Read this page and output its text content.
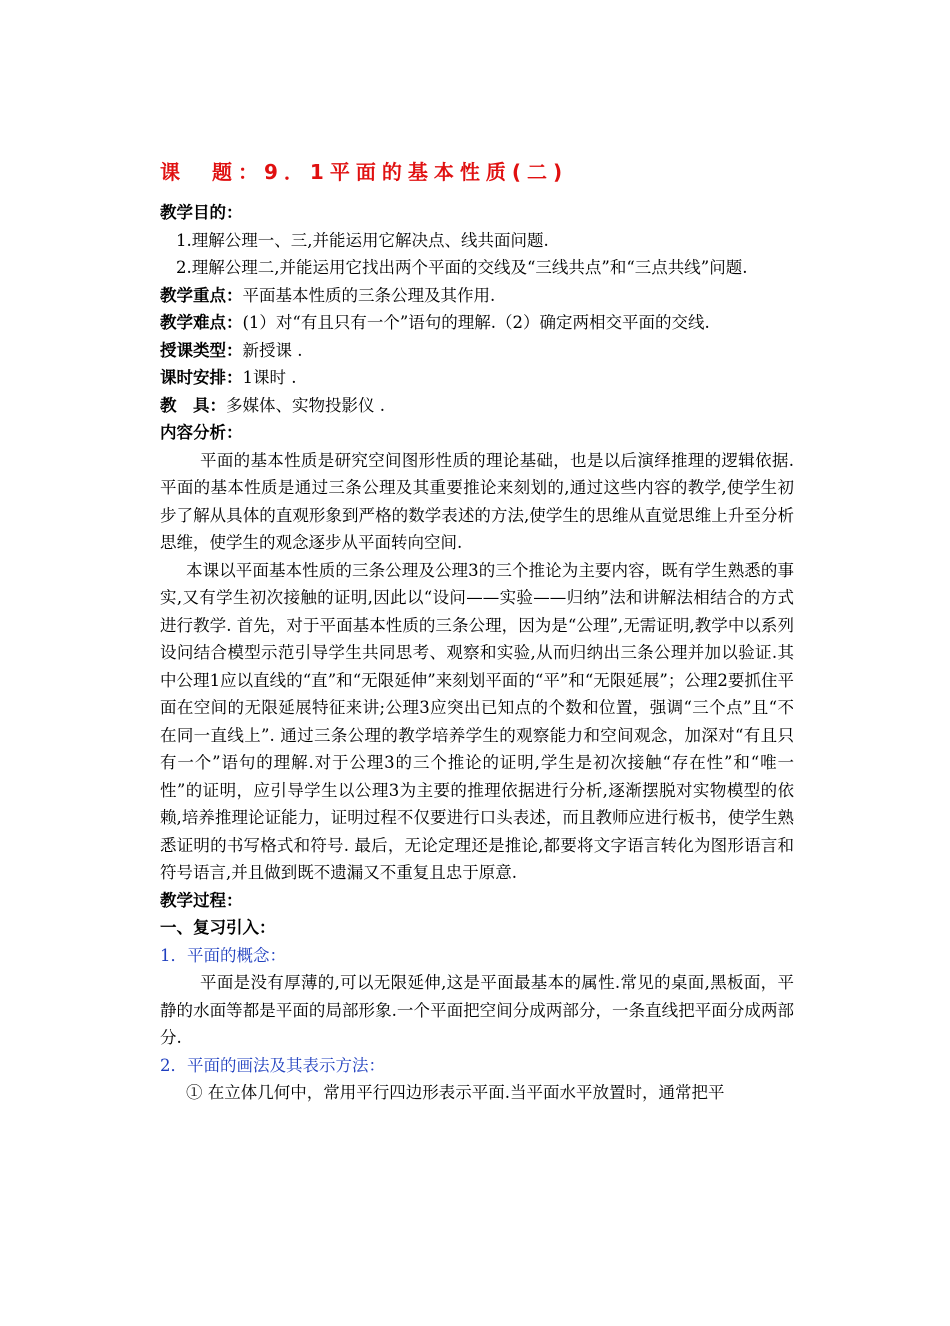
课　题：9．1平面的基本性质(二)

教学目的：

1.理解公理一、三,并能运用它解决点、线共面问题.

2.理解公理二,并能运用它找出两个平面的交线及“三线共点”和“三点共线”问题.

教学重点：平面基本性质的三条公理及其作用.

教学难点：(1）对“有且只有一个”语句的理解.（2）确定两相交平面的交线.

授课类型：新授课 .

课时安排：1课时 .

教　具：多媒体、实物投影仪 .

内容分析：

平面的基本性质是研究空间图形性质的理论基础，也是以后演绎推理的逻辑依据.平面的基本性质是通过三条公理及其重要推论来刻划的,通过这些内容的教学,使学生初步了解从具体的直观形象到严格的数学表述的方法,使学生的思维从直觉思维上升至分析思维，使学生的观念逐步从平面转向空间.

本课以平面基本性质的三条公理及公理3的三个推论为主要内容，既有学生熟悉的事实,又有学生初次接触的证明,因此以“设问——实验——归纳”法和讲解法相结合的方式进行教学. 首先，对于平面基本性质的三条公理，因为是“公理”,无需证明,教学中以系列设问结合模型示范引导学生共同思考、观察和实验,从而归纳出三条公理并加以验证.其中公理1应以直线的“直”和“无限延伸”来刻划平面的“平”和“无限延展”；公理2要抓住平面在空间的无限延展特征来讲;公理3应突出已知点的个数和位置，强调“三个点”且“不在同一直线上”. 通过三条公理的教学培养学生的观察能力和空间观念，加深对“有且只有一个”语句的理解.对于公理3的三个推论的证明,学生是初次接触“存在性”和“唯一性”的证明，应引导学生以公理3为主要的推理依据进行分析,逐渐摆脱对实物模型的依赖,培养推理论证能力，证明过程不仅要进行口头表述，而且教师应进行板书，使学生熟悉证明的书写格式和符号. 最后，无论定理还是推论,都要将文字语言转化为图形语言和符号语言,并且做到既不遗漏又不重复且忠于原意.

教学过程：

一、复习引入：

1．平面的概念：

平面是没有厚薄的,可以无限延伸,这是平面最基本的属性.常见的桌面,黑板面，平静的水面等都是平面的局部形象.一个平面把空间分成两部分，一条直线把平面分成两部分.

2．平面的画法及其表示方法：

① 在立体几何中，常用平行四边形表示平面.当平面水平放置时，通常把平
